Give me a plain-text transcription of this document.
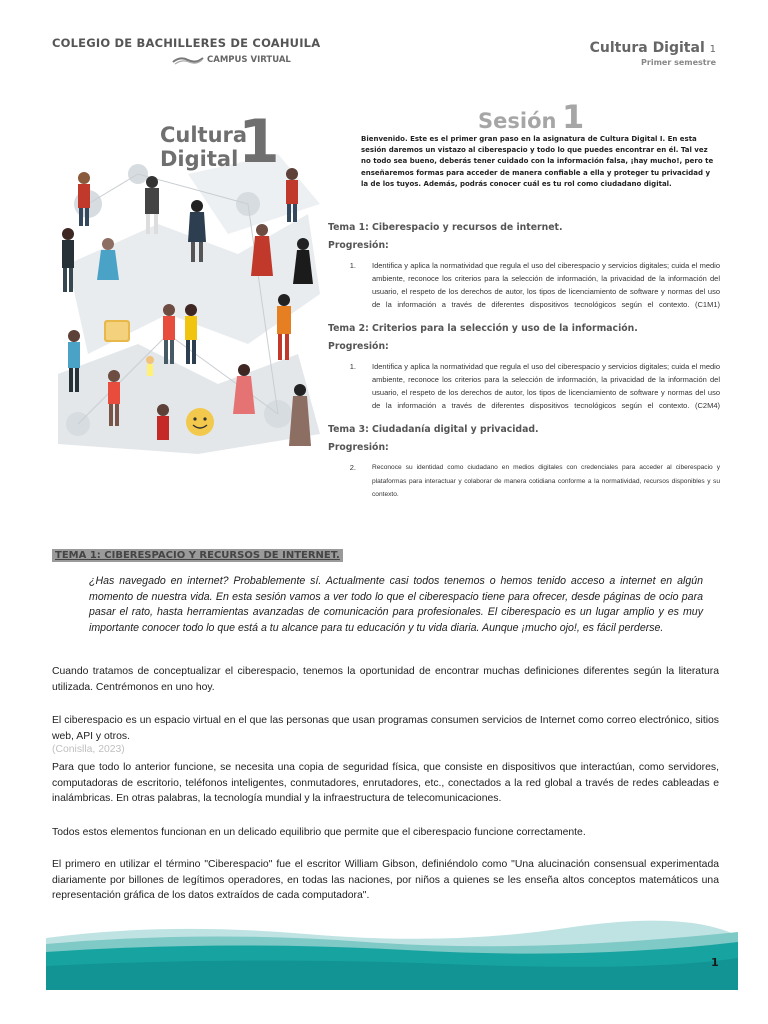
COLEGIO DE BACHILLERES DE COAHUILA
CAMPUS VIRTUAL
Cultura Digital 1
Primer semestre
Cultura
Digital 1	Sesión 1
Bienvenido. Este es el primer gran paso en la asignatura de Cultura Digital I. En esta sesión daremos un vistazo al ciberespacio y todo lo que puedes encontrar en él. Tal vez no todo sea bueno, deberás tener cuidado con la información falsa, ¡hay mucho!, pero te enseñaremos formas para acceder de manera confiable a ella y proteger tu privacidad y la de los tuyos. Además, podrás conocer cuál es tu rol como ciudadano digital.
Tema 1: Ciberespacio y recursos de internet.
Progresión:
1.	Identifica y aplica la normatividad que regula el uso del ciberespacio y servicios digitales; cuida el medio ambiente, reconoce los criterios para la selección de información, la privacidad de la información del usuario, el respeto de los derechos de autor, los tipos de licenciamiento de software y normas del uso de la información a través de diferentes dispositivos tecnológicos según el contexto. (C1M1)
Tema 2: Criterios para la selección y uso de la información.
Progresión:
1.	Identifica y aplica la normatividad que regula el uso del ciberespacio y servicios digitales; cuida el medio ambiente, reconoce los criterios para la selección de información, la privacidad de la información del usuario, el respeto de los derechos de autor, los tipos de licenciamiento de software y normas del uso de la información a través de diferentes dispositivos tecnológicos según el contexto. (C2M4)
Tema 3: Ciudadanía digital y privacidad.
Progresión:
2.	Reconoce su identidad como ciudadano en medios digitales con credenciales para acceder al ciberespacio y plataformas para interactuar y colaborar de manera cotidiana conforme a la normatividad, recursos disponibles y su contexto.
TEMA 1: CIBERESPACIO Y RECURSOS DE INTERNET.
¿Has navegado en internet? Probablemente sí. Actualmente casi todos tenemos o hemos tenido acceso a internet en algún momento de nuestra vida. En esta sesión vamos a ver todo lo que el ciberespacio tiene para ofrecer, desde páginas de ocio para pasar el rato, hasta herramientas avanzadas de comunicación para profesionales. El ciberespacio es un lugar amplio y es muy importante conocer todo lo que está a tu alcance para tu educación y tu vida diaria. Aunque ¡mucho ojo!, es fácil perderse.
Cuando tratamos de conceptualizar el ciberespacio, tenemos la oportunidad de encontrar muchas definiciones diferentes según la literatura utilizada. Centrémonos en uno hoy.
El ciberespacio es un espacio virtual en el que las personas que usan programas consumen servicios de Internet como correo electrónico, sitios web, API y otros.
(Conislla, 2023)
Para que todo lo anterior funcione, se necesita una copia de seguridad física, que consiste en dispositivos que interactúan, como servidores, computadoras de escritorio, teléfonos inteligentes, conmutadores, enrutadores, etc., conectados a la red global a través de redes cableadas e inalámbricas. En otras palabras, la tecnología mundial y la infraestructura de telecomunicaciones.
Todos estos elementos funcionan en un delicado equilibrio que permite que el ciberespacio funcione correctamente.
El primero en utilizar el término "Ciberespacio" fue el escritor William Gibson, definiéndolo como "Una alucinación consensual experimentada diariamente por billones de legítimos operadores, en todas las naciones, por niños a quienes se les enseña altos conceptos matemáticos una representación gráfica de los datos extraídos de cada computadora".
1
